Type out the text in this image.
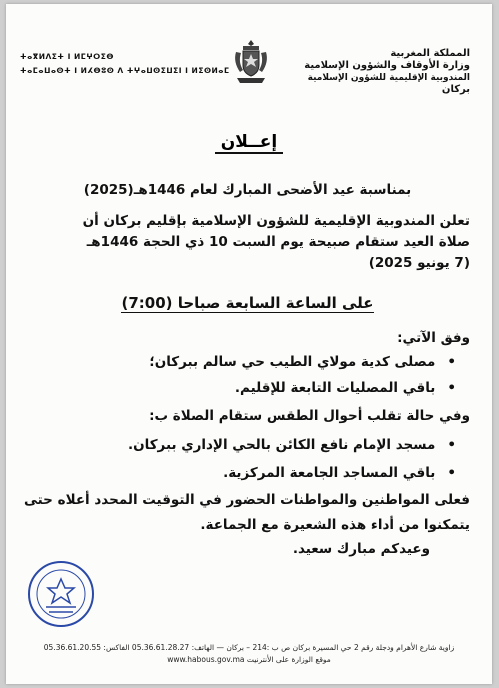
المملكة المغربية
وزارة الأوقاف والشؤون الإسلامية
المندوبية الإقليمية للشؤون الإسلامية
بركان
ⵜⴰⴳⵍⴷⵉⵜ ⵏ ⵍⵎⵖⵔⵉⴱ
ⵜⴰⵎⴰⵡⴰⵙⵜ ⵏ ⵍⵃⴱⵓⵙ ⴷ ⵜⵖⴰⵡⵙⵉⵡⵉⵏ ⵏ ⵍⵉⵙⵍⴰⵎ
إعــلان
بمناسبة عيد الأضحى المبارك لعام 1446هـ(2025)
تعلن المندوبية الإقليمية للشؤون الإسلامية بإقليم بركان أن
صلاة العيد ستقام صبيحة يوم السبت 10 ذي الحجة 1446هـ
(7 يونيو 2025)
على الساعة السابعة صباحا (7:00)
وفق الآتي:
• مصلى كدية مولاي الطيب حي سالم ببركان؛
• باقي المصليات التابعة للإقليم.
وفي حالة تقلب أحوال الطقس ستقام الصلاة ب:
• مسجد الإمام نافع الكائن بالحي الإداري ببركان.
• باقي المساجد الجامعة المركزية.
فعلى المواطنين والمواطنات الحضور في التوقيت المحدد أعلاه حتى
يتمكنوا من أداء هذه الشعيرة مع الجماعة.
وعيدكم مبارك سعيد.
زاوية شارع الأهرام ودجلة رقم 2 حي المسيرة بركان ص ب :214 – بركان — الهاتف: 05.36.61.28.27 الفاكس: 05.36.61.20.55
موقع الوزارة على الأنترنيت www.habous.gov.ma
